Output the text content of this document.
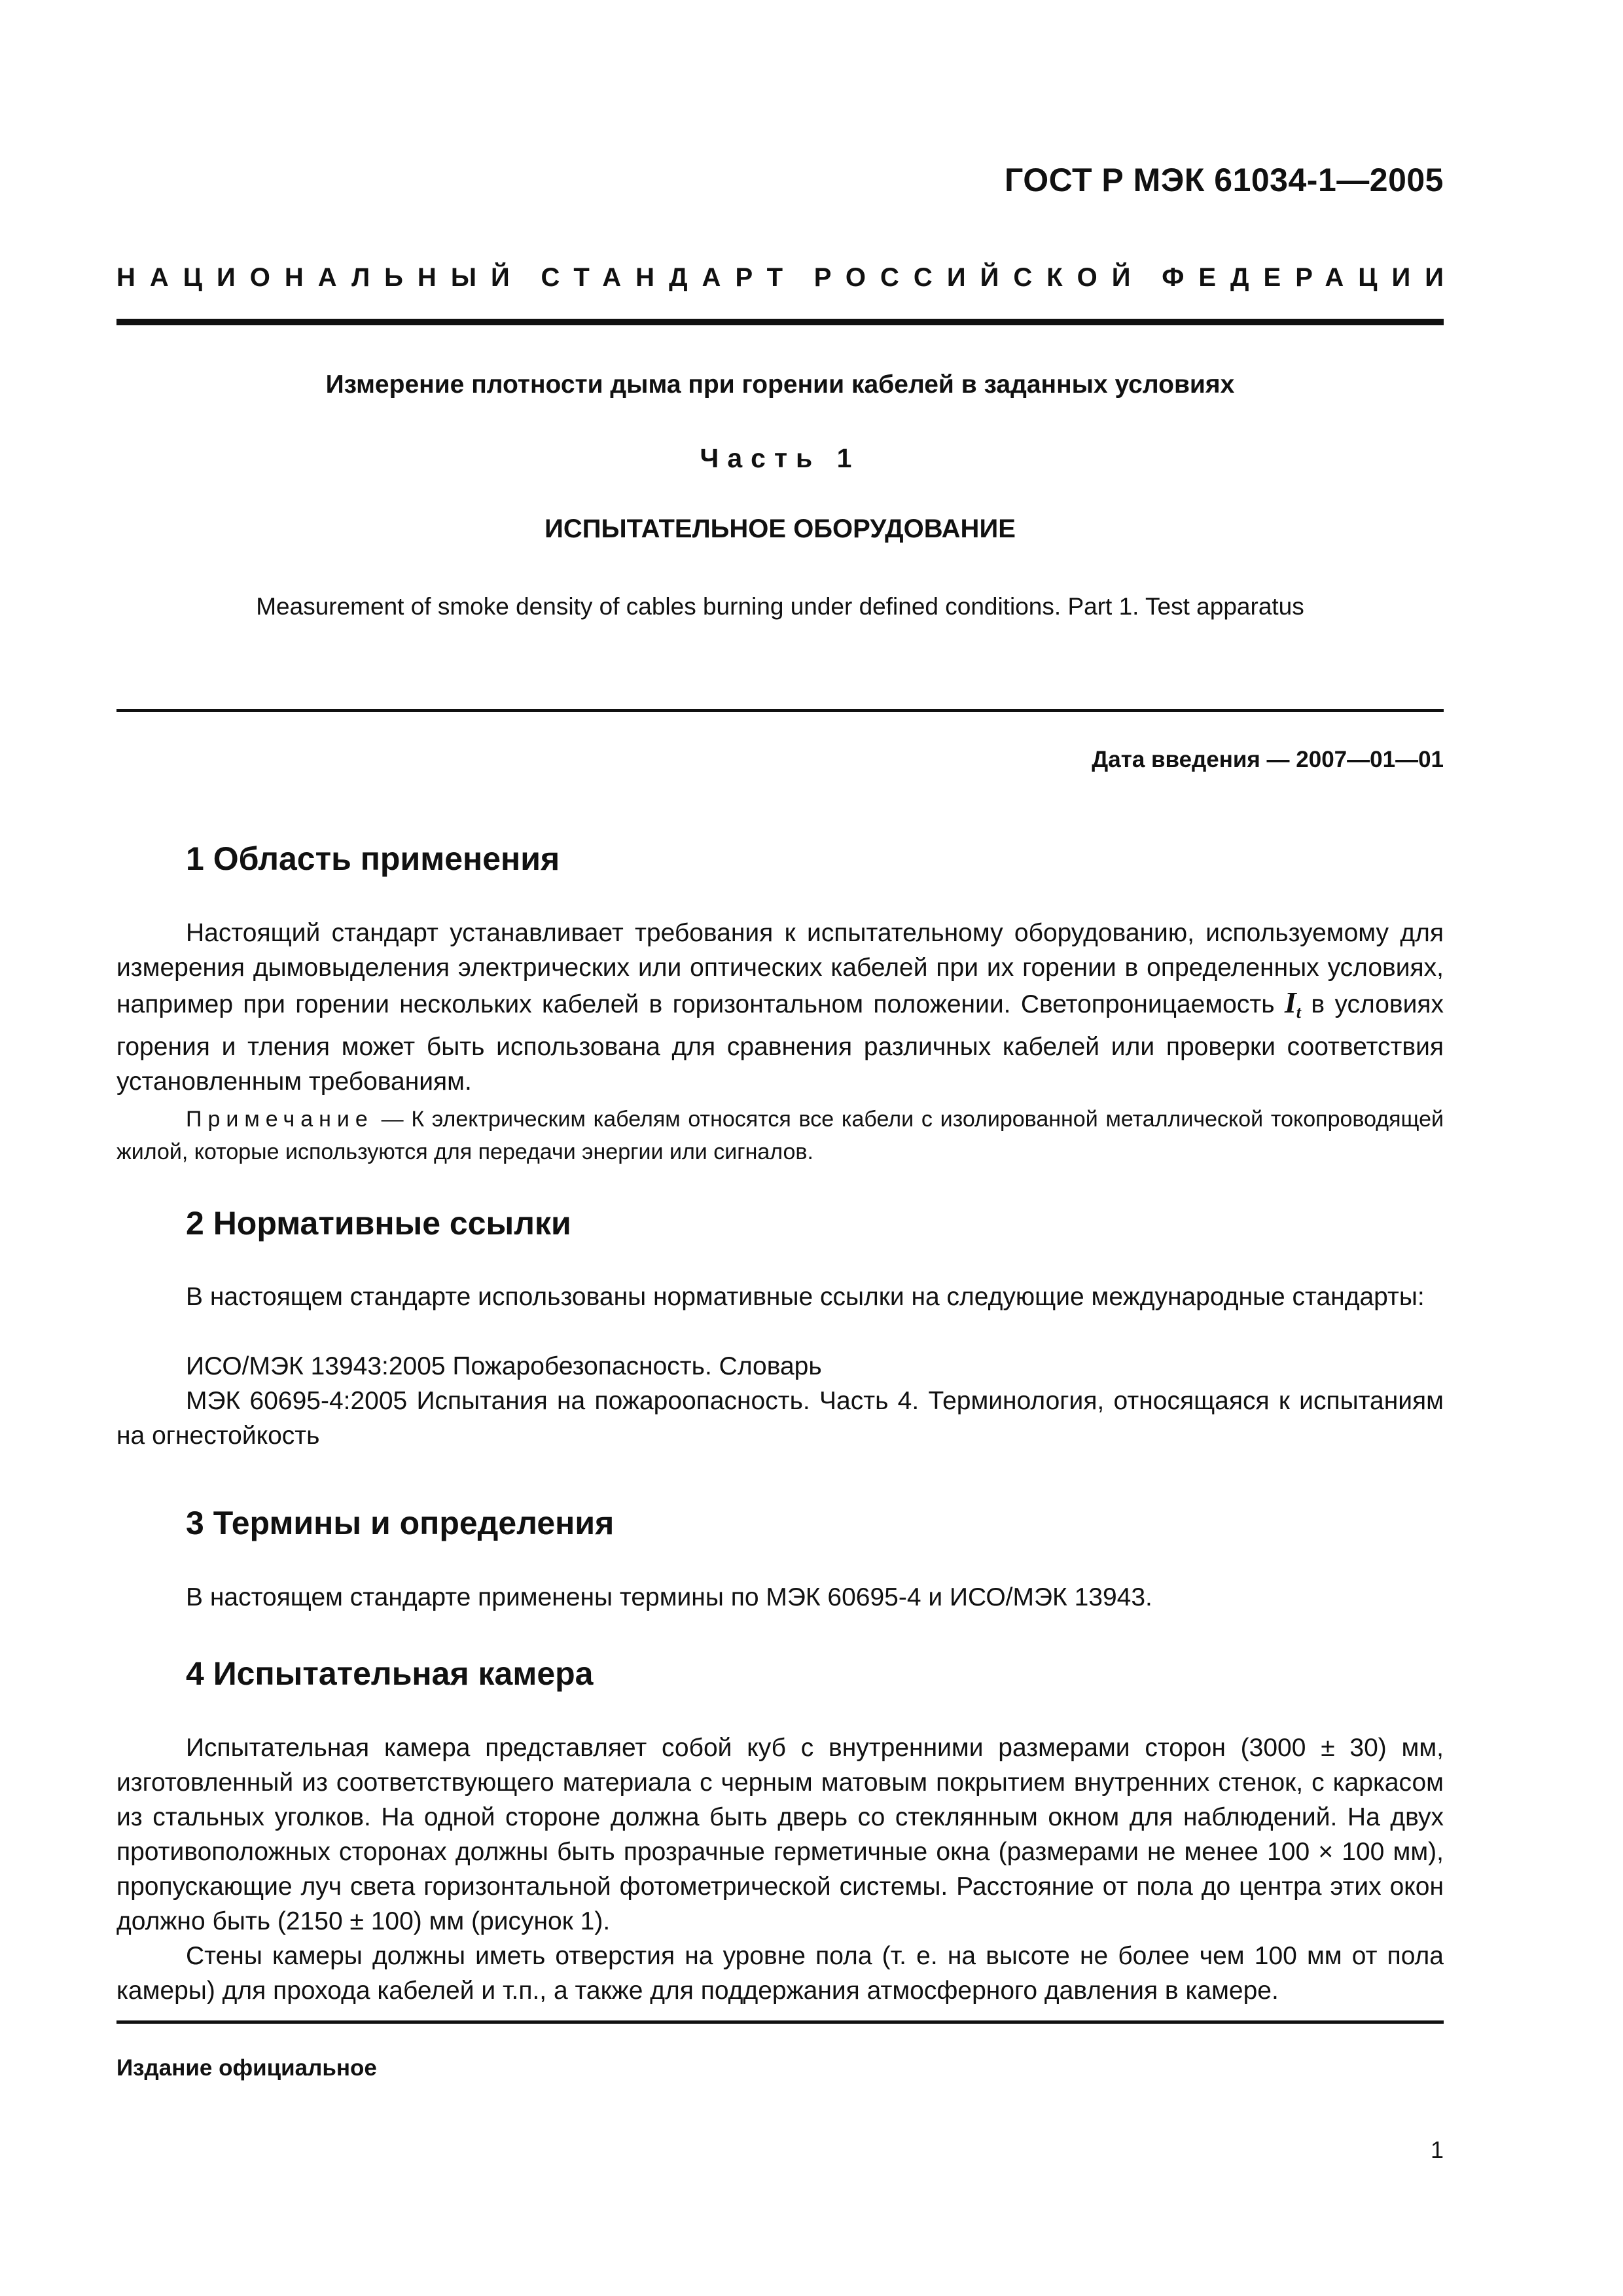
ГОСТ Р МЭК 61034-1—2005
НАЦИОНАЛЬНЫЙ СТАНДАРТ РОССИЙСКОЙ ФЕДЕРАЦИИ
Измерение плотности дыма при горении кабелей в заданных условиях
Часть 1
ИСПЫТАТЕЛЬНОЕ ОБОРУДОВАНИЕ
Measurement of smoke density of cables burning under defined conditions. Part 1. Test apparatus
Дата введения — 2007—01—01
1 Область применения
Настоящий стандарт устанавливает требования к испытательному оборудованию, используемому для измерения дымовыделения электрических или оптических кабелей при их горении в определенных условиях, например при горении нескольких кабелей в горизонтальном положении. Светопроницаемость $I_t$ в условиях горения и тления может быть использована для сравнения различных кабелей или проверки соответствия установленным требованиям.
Примечание — К электрическим кабелям относятся все кабели с изолированной металлической токопроводящей жилой, которые используются для передачи энергии или сигналов.
2 Нормативные ссылки
В настоящем стандарте использованы нормативные ссылки на следующие международные стандарты:
ИСО/МЭК 13943:2005 Пожаробезопасность. Словарь
МЭК 60695-4:2005 Испытания на пожароопасность. Часть 4. Терминология, относящаяся к испытаниям на огнестойкость
3 Термины и определения
В настоящем стандарте применены термины по МЭК 60695-4 и ИСО/МЭК 13943.
4 Испытательная камера
Испытательная камера представляет собой куб с внутренними размерами сторон (3000 ± 30) мм, изготовленный из соответствующего материала с черным матовым покрытием внутренних стенок, с каркасом из стальных уголков. На одной стороне должна быть дверь со стеклянным окном для наблюдений. На двух противоположных сторонах должны быть прозрачные герметичные окна (размерами не менее 100 × 100 мм), пропускающие луч света горизонтальной фотометрической системы. Расстояние от пола до центра этих окон должно быть (2150 ± 100) мм (рисунок 1).
Стены камеры должны иметь отверстия на уровне пола (т. е. на высоте не более чем 100 мм от пола камеры) для прохода кабелей и т.п., а также для поддержания атмосферного давления в камере.
Издание официальное
1
